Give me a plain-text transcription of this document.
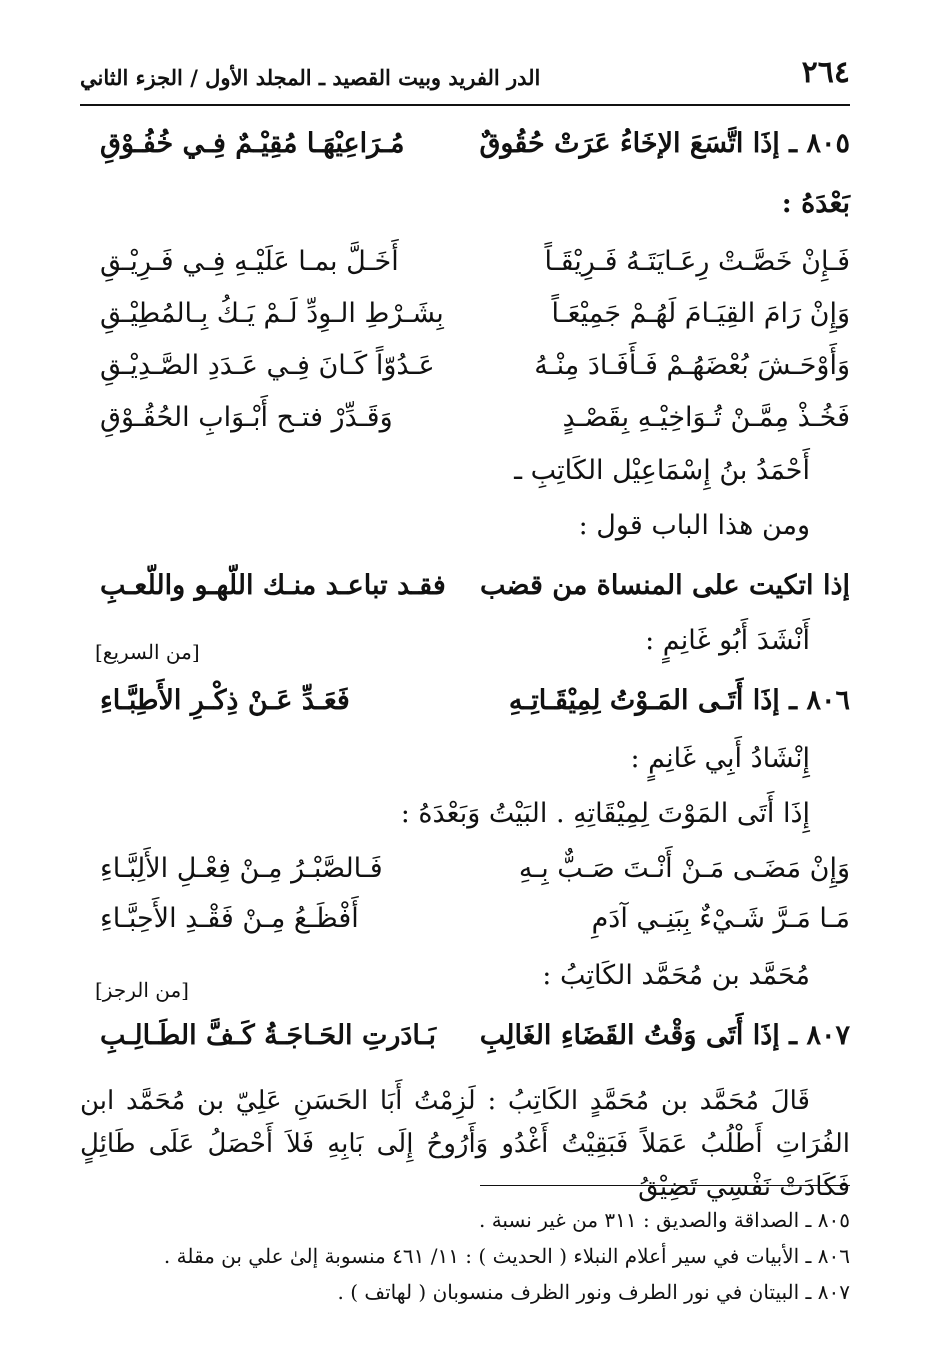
٢٦٤
الدر الفريد وبيت القصيد ـ المجلد الأول / الجزء الثاني
٨٠٥ ـ إذَا اتَّسَعَ الإخَاءُ عَرَتْ حُقُوقٌ
مُـرَاعِيْهَـا مُقِيْـمٌ فِـي خُفُـوْقِ
بَعْدَهُ :
فَـإِنْ خَصَّـتْ رِعَـايَتَـهُ فَـرِيْقَـاً
أَخَـلَّ بمـا عَلَيْـهِ فِـي فَـرِيْـقِ
وَإِنْ رَامَ القِيَـامَ لَهُـمْ جَمِيْعَـاً
بِشَـرْطِ الـوِدِّ لَـمْ يَـكُ بِـالمُطِيْـقِ
وَأَوْحَـشَ بُعْضَهُـمْ فَـأَفَـادَ مِنْـهُ
عَـدُوّاً كَـانَ فِـي عَـدَدِ الصَّـدِيْـقِ
فَخُـذْ مِمَّـنْ تُـوَاخِيْـهِ بِقَصْـدٍ
وَقَـدِّرْ فتـح أَبْـوَابِ الحُقُـوْقِ
أَحْمَدُ بنُ إِسْمَاعِيْل الكَاتِبِ ـ
ومن هذا الباب قول :
إذا اتكيت على المنساة من قضب
فقـد تباعـد منـك اللّهـو واللّعـبِ
أَنْشَدَ أَبُو غَانِمٍ :
[من السريع]
٨٠٦ ـ إذَا أَتَـى المَـوْتُ لِمِيْقَـاتِـهِ
فَعَـدِّ عَـنْ ذِكْـرِ الأَطِبَّـاءِ
إِنْشَادُ أَبِي غَانِمٍ :
إِذَا أَتَى المَوْتَ لِمِيْقَاتِهِ . البَيْتُ وَبَعْدَهُ :
وَإِنْ مَضَـى مَـنْ أَنْـتَ صَـبٌّ بِـهِ
فَـالصَّبْـرُ مِـنْ فِعْـلِ الأَلِبَّـاءِ
مَـا مَـرَّ شَـيْءٌ بِبَنِـي آدَمِ
أَفْظَـعُ مِـنْ فَقْـدِ الأَحِبَّـاءِ
مُحَمَّد بن مُحَمَّد الكَاتِبُ :
[من الرجز]
٨٠٧ ـ إذَا أَتَى وَقْتُ القَضَاءِ الغَالِبِ
بَـادَرتِ الحَـاجَـةُ كَـفَّ الطَـالِـبِ
قَالَ مُحَمَّد بن مُحَمَّدٍ الكَاتِبُ : لَزِمْتُ أَبَا الحَسَنِ عَلِيّ بن مُحَمَّد ابن الفُرَاتِ أَطْلُبُ عَمَلاً فَبَقِيْتُ أَغْدُو وَأَرُوحُ إِلَى بَابِهِ فَلاَ أَحْصَلُ عَلَى طَائِلٍ فَكَادَتْ نَفْسِي تَضِيْقُ
٨٠٥ ـ الصداقة والصديق : ٣١١ من غير نسبة .
٨٠٦ ـ الأبيات في سير أعلام النبلاء ( الحديث ) : ١١/ ٤٦١ منسوبة إلىٰ علي بن مقلة .
٨٠٧ ـ البيتان في نور الطرف ونور الظرف منسوبان ( لهاتف ) .
